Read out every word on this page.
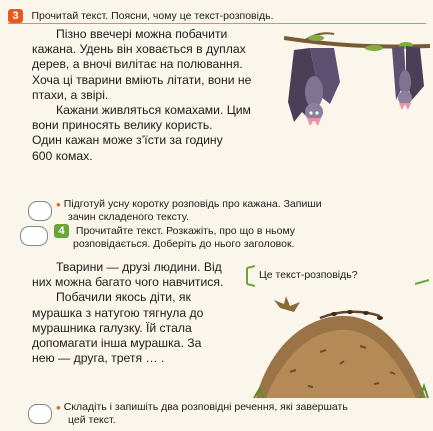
3 Прочитай текст. Поясни, чому це текст-розповідь.

Пізно ввечері можна побачити

кажана. Удень він ховається в дуплах

дерев, а вночі вилітає на полювання.

Хоча ці тварини вміють літати, вони не

птахи, а звірі.

Кажани живляться комахами. Цим

вони приносять велику користь.

Один кажан може з’їсти за годину

600 комах.

● Підготуй усну коротку розповідь про кажана. Запиши
зачин складеного тексту.
4 Прочитайте текст. Розкажіть, про що в ньому
розповідається. Доберіть до нього заголовок.

Тварини — друзі людини. Від

них можна багато чого навчитися.

Побачили якось діти, як

мурашка з натугою тягнула до

мурашника галузку. Їй стала

допомагати інша мурашка. За

нею — друга, третя … .

Це текст-розповідь?
● Складіть і запишіть два розповідні речення, які завершать
цей текст.
